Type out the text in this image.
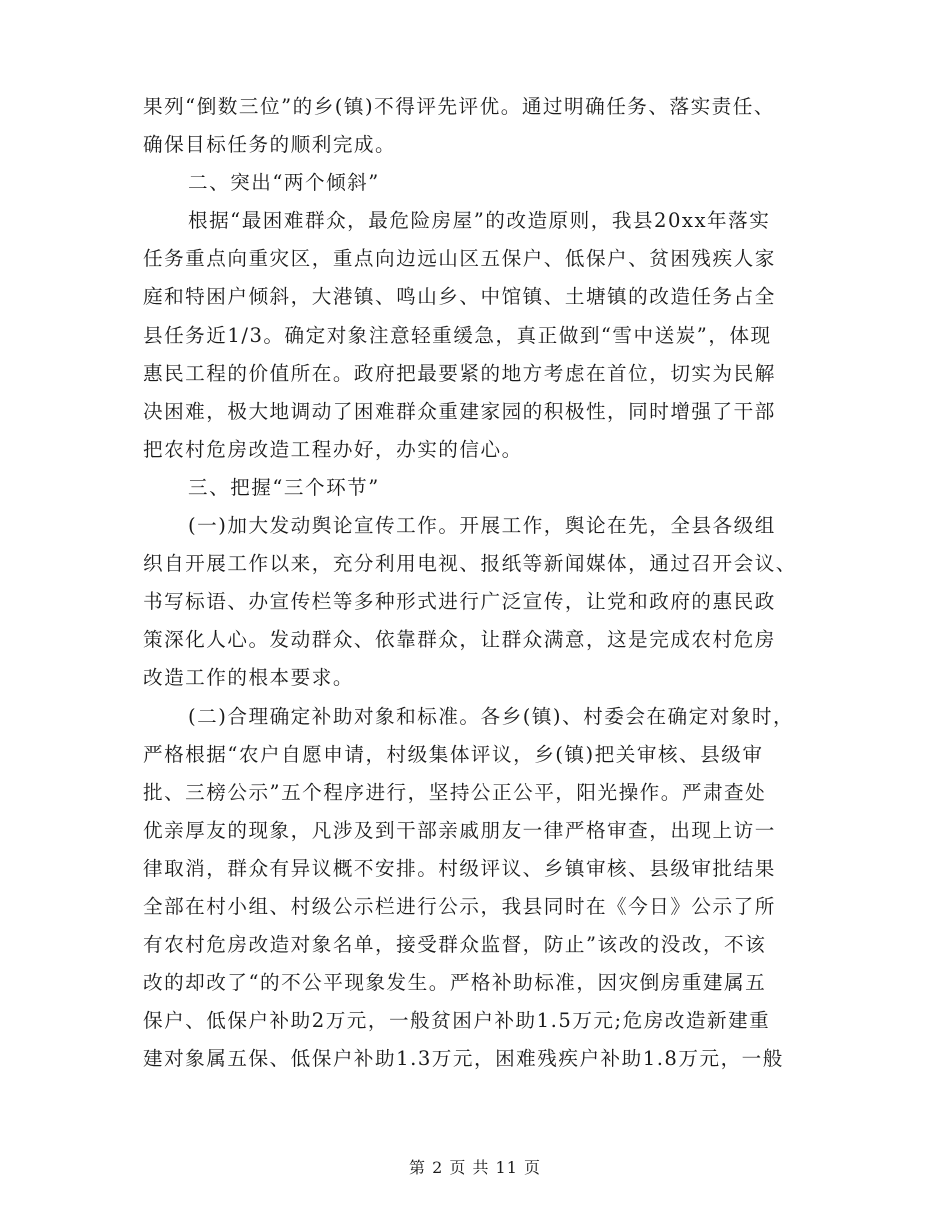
果列“倒数三位”的乡(镇)不得评先评优。通过明确任务、落实责任、
确保目标任务的顺利完成。
二、突出“两个倾斜”
根据“最困难群众，最危险房屋”的改造原则，我县20xx年落实
任务重点向重灾区，重点向边远山区五保户、低保户、贫困残疾人家
庭和特困户倾斜，大港镇、鸣山乡、中馆镇、土塘镇的改造任务占全
县任务近1/3。确定对象注意轻重缓急，真正做到“雪中送炭”，体现
惠民工程的价值所在。政府把最要紧的地方考虑在首位，切实为民解
决困难，极大地调动了困难群众重建家园的积极性，同时增强了干部
把农村危房改造工程办好，办实的信心。
三、把握“三个环节”
(一)加大发动舆论宣传工作。开展工作，舆论在先，全县各级组
织自开展工作以来，充分利用电视、报纸等新闻媒体，通过召开会议、
书写标语、办宣传栏等多种形式进行广泛宣传，让党和政府的惠民政
策深化人心。发动群众、依靠群众，让群众满意，这是完成农村危房
改造工作的根本要求。
(二)合理确定补助对象和标准。各乡(镇)、村委会在确定对象时，
严格根据“农户自愿申请，村级集体评议，乡(镇)把关审核、县级审
批、三榜公示”五个程序进行，坚持公正公平，阳光操作。严肃查处
优亲厚友的现象，凡涉及到干部亲戚朋友一律严格审查，出现上访一
律取消，群众有异议概不安排。村级评议、乡镇审核、县级审批结果
全部在村小组、村级公示栏进行公示，我县同时在《今日》公示了所
有农村危房改造对象名单，接受群众监督，防止”该改的没改，不该
改的却改了“的不公平现象发生。严格补助标准，因灾倒房重建属五
保户、低保户补助2万元，一般贫困户补助1.5万元;危房改造新建重
建对象属五保、低保户补助1.3万元，困难残疾户补助1.8万元，一般
第 2 页 共 11 页
